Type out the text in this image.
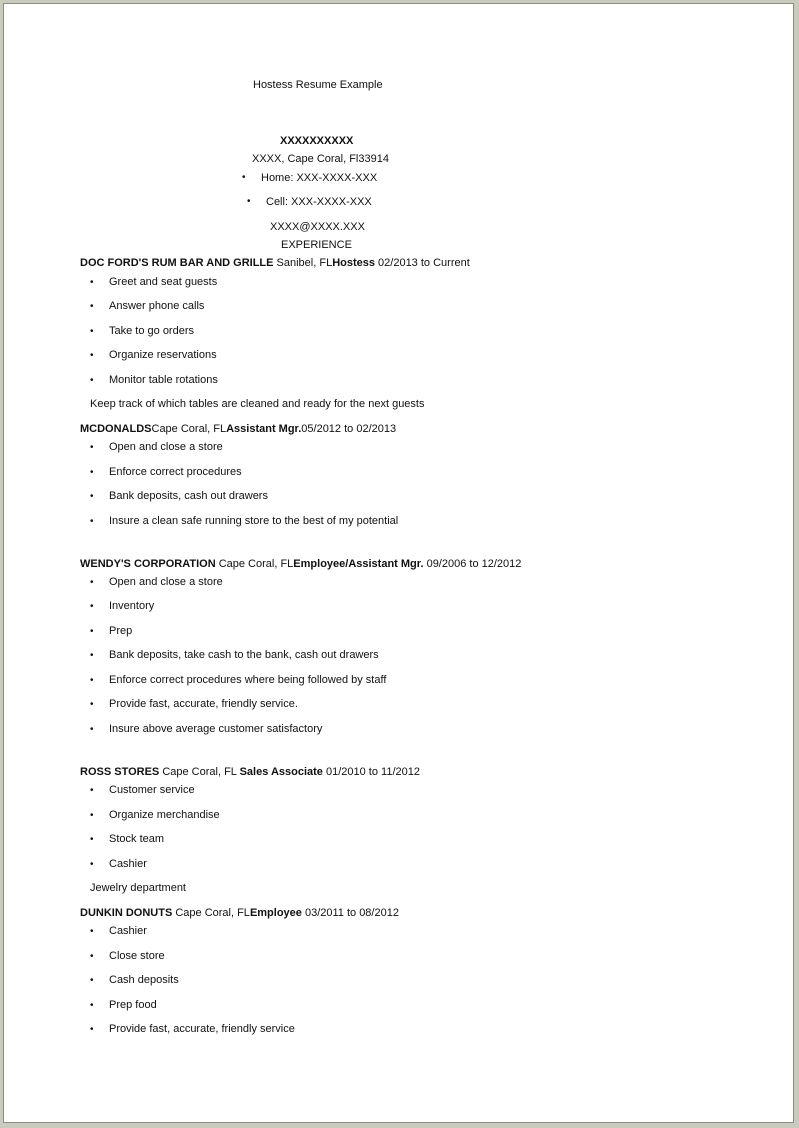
Hostess Resume Example
XXXXXXXXXX
XXXX, Cape Coral, Fl33914
• Home: XXX-XXXX-XXX
• Cell: XXX-XXXX-XXX
XXXX@XXXX.XXX
EXPERIENCE
DOC FORD'S RUM BAR AND GRILLE Sanibel, FLHostess 02/2013 to Current
• Greet and seat guests
• Answer phone calls
• Take to go orders
• Organize reservations
• Monitor table rotations
Keep track of which tables are cleaned and ready for the next guests
MCDONALDSCape Coral, FLAssistant Mgr.05/2012 to 02/2013
• Open and close a store
• Enforce correct procedures
• Bank deposits, cash out drawers
• Insure a clean safe running store to the best of my potential
WENDY'S CORPORATION Cape Coral, FLEmployee/Assistant Mgr. 09/2006 to 12/2012
• Open and close a store
• Inventory
• Prep
• Bank deposits, take cash to the bank, cash out drawers
• Enforce correct procedures where being followed by staff
• Provide fast, accurate, friendly service.
• Insure above average customer satisfactory
ROSS STORES Cape Coral, FL Sales Associate 01/2010 to 11/2012
• Customer service
• Organize merchandise
• Stock team
• Cashier
Jewelry department
DUNKIN DONUTS Cape Coral, FLEmployee 03/2011 to 08/2012
• Cashier
• Close store
• Cash deposits
• Prep food
• Provide fast, accurate, friendly service
